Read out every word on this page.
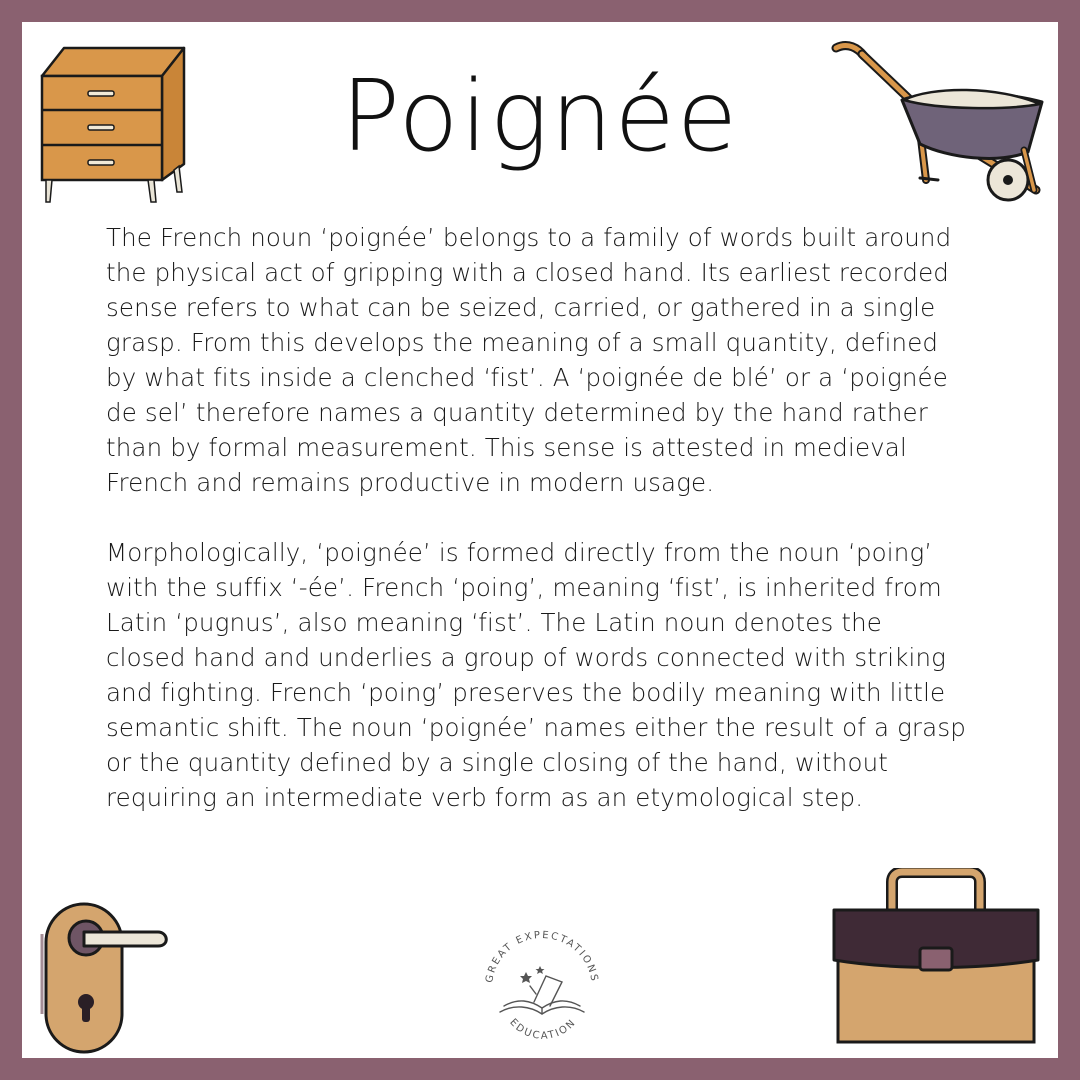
Poignée

The French noun ‘poignée’ belongs to a family of words built around the physical act of gripping with a closed hand. Its earliest recorded sense refers to what can be seized, carried, or gathered in a single grasp. From this develops the meaning of a small quantity, defined by what fits inside a clenched ‘fist’. A ‘poignée de blé’ or a ‘poignée de sel’ therefore names a quantity determined by the hand rather than by formal measurement. This sense is attested in medieval French and remains productive in modern usage.

Morphologically, ‘poignée’ is formed directly from the noun ‘poing’ with the suffix ‘-ée’. French ‘poing’, meaning ‘fist’, is inherited from Latin ‘pugnus’, also meaning ‘fist’. The Latin noun denotes the closed hand and underlies a group of words connected with striking and fighting. French ‘poing’ preserves the bodily meaning with little semantic shift. The noun ‘poignée’ names either the result of a grasp or the quantity defined by a single closing of the hand, without requiring an intermediate verb form as an etymological step.

GREAT EXPECTATIONS
EDUCATION
